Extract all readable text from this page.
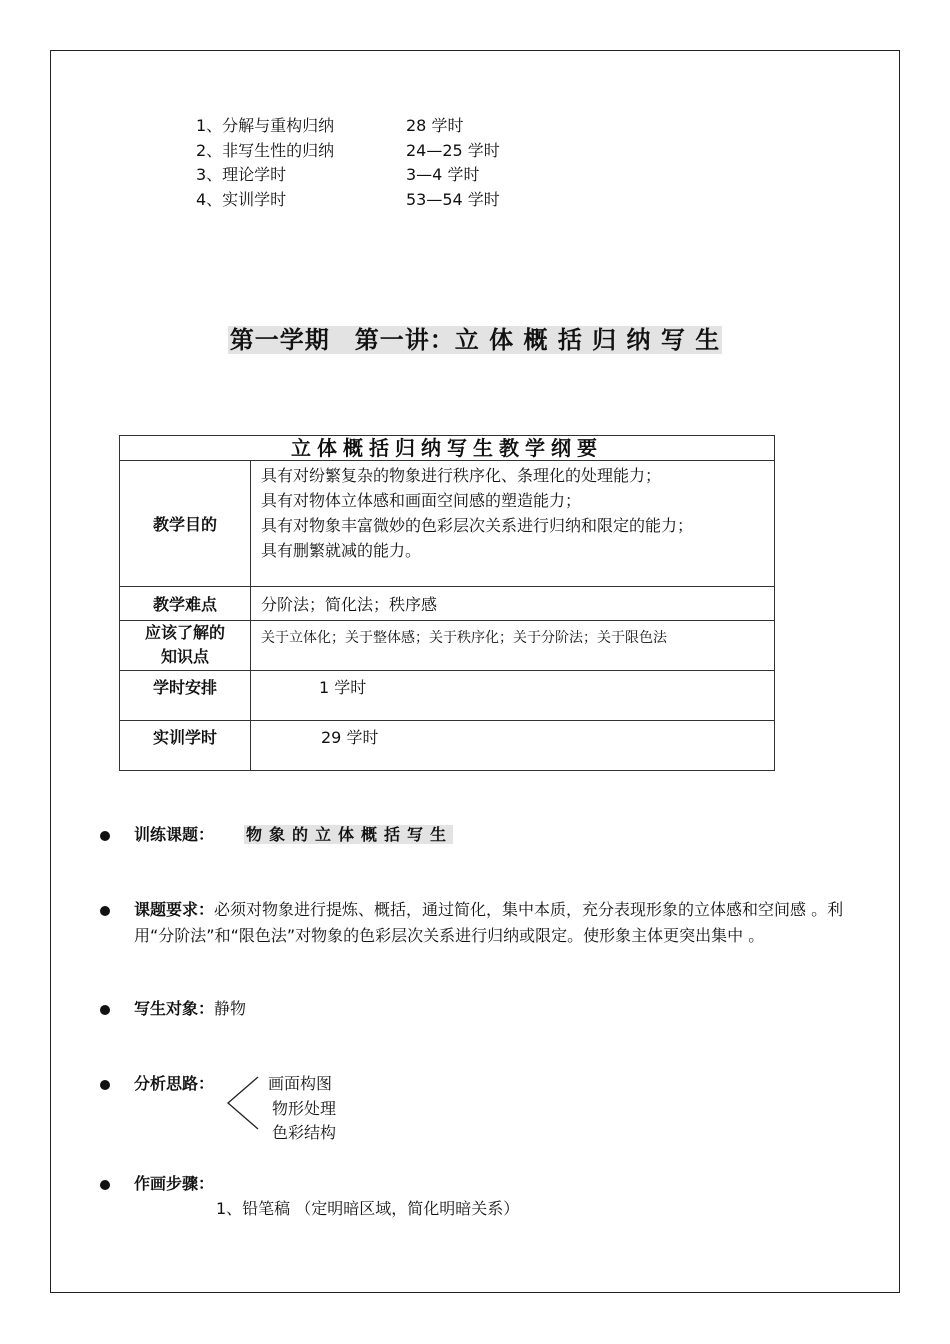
1、分解与重构归纳	28 学时
2、非写生性的归纳	24—25 学时
3、理论学时	3—4 学时
4、实训学时	53—54 学时
第一学期　第一讲：立 体 概 括 归 纳 写 生
立体概括归纳写生教学纲要	
教学目的	具有对纷繁复杂的物象进行秩序化、条理化的处理能力；
具有对物体立体感和画面空间感的塑造能力；
具有对物象丰富微妙的色彩层次关系进行归纳和限定的能力；
具有删繁就减的能力。

教学难点	分阶法；简化法；秩序感

应该了解的
知识点	关于立体化；关于整体感；关于秩序化；关于分阶法；关于限色法
学时安排	1 学时
实训学时	29 学时
训练课题： 物象的立体概括写生
课题要求：必须对物象进行提炼、概括，通过简化，集中本质，充分表现形象的立体感和空间感 。利用“分阶法”和“限色法”对物象的色彩层次关系进行归纳或限定。使形象主体更突出集中 。
写生对象：静物
分析思路：	画面构图
物形处理
色彩结构
作画步骤：
1、铅笔稿 （定明暗区域，简化明暗关系）
